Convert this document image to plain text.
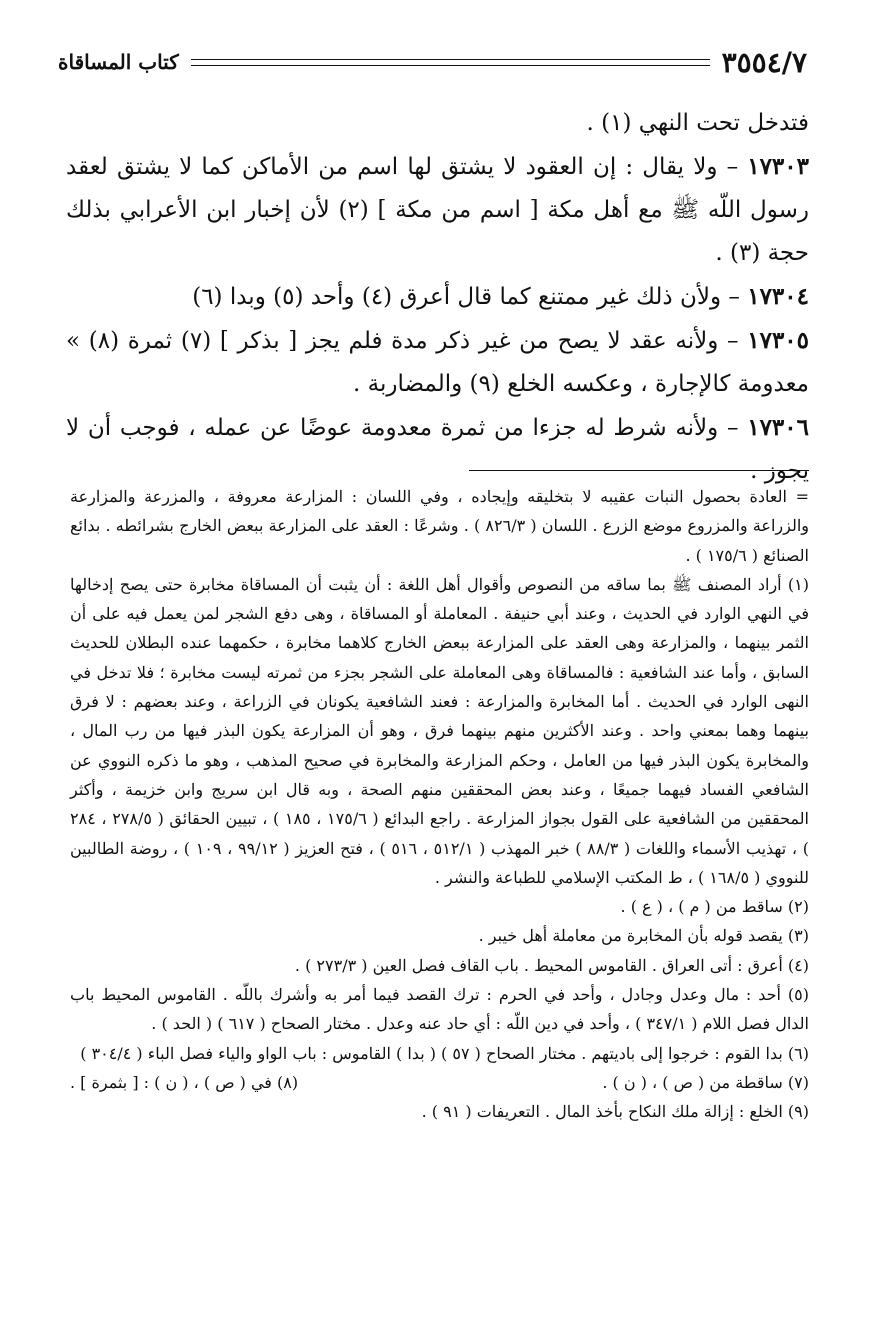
٣٥٥٤/٧
كتاب المساقاة

فتدخل تحت النهي (١) .

١٧٣٠٣ – ولا يقال : إن العقود لا يشتق لها اسم من الأماكن كما لا يشتق لعقد رسول اللّه ﷺ مع أهل مكة [ اسم من مكة ] (٢) لأن إخبار ابن الأعرابي بذلك حجة (٣) .

١٧٣٠٤ – ولأن ذلك غير ممتنع كما قال أعرق (٤) وأحد (٥) وبدا (٦)

١٧٣٠٥ – ولأنه عقد لا يصح من غير ذكر مدة فلم يجز [ بذكر ] (٧) ثمرة (٨) » معدومة كالإجارة ، وعكسه الخلع (٩) والمضاربة .

١٧٣٠٦ – ولأنه شرط له جزءا من ثمرة معدومة عوضًا عن عمله ، فوجب أن لا يجوز .

= العادة بحصول النبات عقيبه لا بتخليقه وإيجاده ، وفي اللسان : المزارعة معروفة ، والمزرعة والمزارعة والزراعة والمزروع موضع الزرع . اللسان ( ٨٢٦/٣ ) . وشرعًا : العقد على المزارعة ببعض الخارج بشرائطه . بدائع الصنائع ( ١٧٥/٦ ) .

(١) أراد المصنف ﷺ بما ساقه من النصوص وأقوال أهل اللغة : أن يثبت أن المساقاة مخابرة حتى يصح إدخالها في النهي الوارد في الحديث ، وعند أبي حنيفة . المعاملة أو المساقاة ، وهى دفع الشجر لمن يعمل فيه على أن الثمر بينهما ، والمزارعة وهى العقد على المزارعة ببعض الخارج كلاهما مخابرة ، حكمهما عنده البطلان للحديث السابق ، وأما عند الشافعية : فالمساقاة وهى المعاملة على الشجر بجزء من ثمرته ليست مخابرة ؛ فلا تدخل في النهى الوارد في الحديث . أما المخابرة والمزارعة : فعند الشافعية يكونان في الزراعة ، وعند بعضهم : لا فرق بينهما وهما بمعني واحد . وعند الأكثرين منهم بينهما فرق ، وهو أن المزارعة يكون البذر فيها من رب المال ، والمخابرة يكون البذر فيها من العامل ، وحكم المزارعة والمخابرة في صحيح المذهب ، وهو ما ذكره النووي عن الشافعي الفساد فيهما جميعًا ، وعند بعض المحققين منهم الصحة ، وبه قال ابن سريج وابن خزيمة ، وأكثر المحققين من الشافعية على القول بجواز المزارعة . راجع البدائع ( ١٧٥/٦ ، ١٨٥ ) ، تبيين الحقائق ( ٢٧٨/٥ ، ٢٨٤ ) ، تهذيب الأسماء واللغات ( ٨٨/٣ ) خبر المهذب ( ٥١٢/١ ، ٥١٦ ) ، فتح العزيز ( ٩٩/١٢ ، ١٠٩ ) ، روضة الطالبين للنووي ( ١٦٨/٥ ) ، ط المكتب الإسلامي للطباعة والنشر .

(٢) ساقط من ( م ) ، ( ع ) .

(٣) يقصد قوله بأن المخابرة من معاملة أهل خيبر .

(٤) أعرق : أتى العراق . القاموس المحيط . باب القاف فصل العين ( ٢٧٣/٣ ) .

(٥) أحد : مال وعدل وجادل ، وأحد في الحرم : ترك القصد فيما أمر به وأشرك باللّه . القاموس المحيط باب الدال فصل اللام ( ٣٤٧/١ ) ، وأحد في دين اللّه : أي حاد عنه وعدل . مختار الصحاح ( ٦١٧ ) ( الحد ) .

(٦) بدا القوم : خرجوا إلى باديتهم . مختار الصحاح ( ٥٧ ) ( بدا ) القاموس : باب الواو والياء فصل الباء ( ٣٠٤/٤ )

(٧) ساقطة من ( ص ) ، ( ن ) .
(٨) في ( ص ) ، ( ن ) : [ بثمرة ] .

(٩) الخلع : إزالة ملك النكاح بأخذ المال . التعريفات ( ٩١ ) .
